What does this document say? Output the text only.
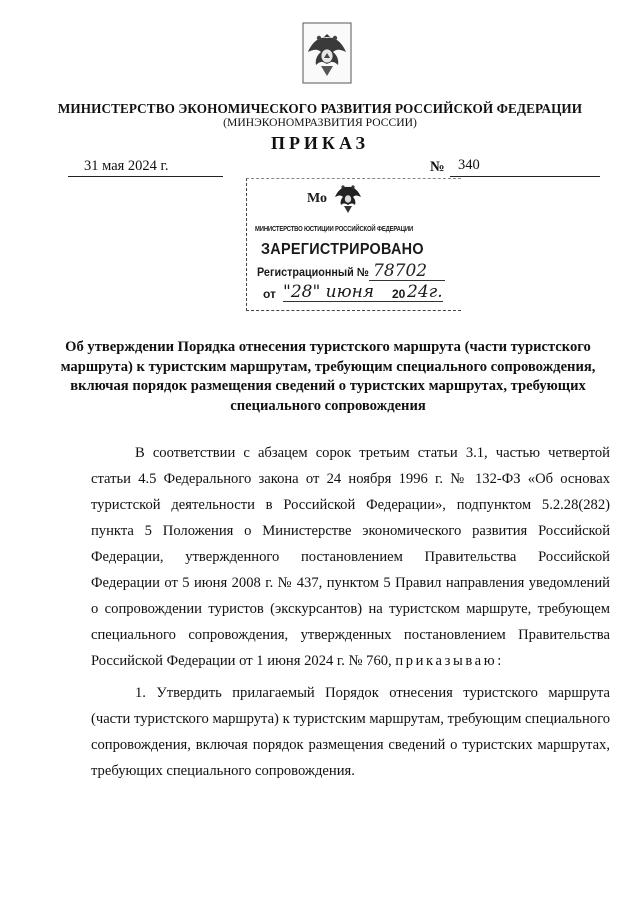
МИНИСТЕРСТВО ЭКОНОМИЧЕСКОГО РАЗВИТИЯ РОССИЙСКОЙ ФЕДЕРАЦИИ
(МИНЭКОНОМРАЗВИТИЯ РОССИИ)
ПРИКАЗ
31 мая 2024 г.	№ 340
Мо
МИНИСТЕРСТВО ЮСТИЦИИ РОССИЙСКОЙ ФЕДЕРАЦИИ
ЗАРЕГИСТРИРОВАНО
Регистрационный № 78702
от "28" июня 20 24г.
Об утверждении Порядка отнесения туристского маршрута (части туристского маршрута) к туристским маршрутам, требующим специального сопровождения, включая порядок размещения сведений о туристских маршрутах, требующих специального сопровождения

В соответствии с абзацем сорок третьим статьи 3.1, частью четвертой статьи 4.5 Федерального закона от 24 ноября 1996 г. № 132-ФЗ «Об основах туристской деятельности в Российской Федерации», подпунктом 5.2.28(282) пункта 5 Положения о Министерстве экономического развития Российской Федерации, утвержденного постановлением Правительства Российской Федерации от 5 июня 2008 г. № 437, пунктом 5 Правил направления уведомлений о сопровождении туристов (экскурсантов) на туристском маршруте, требующем специального сопровождения, утвержденных постановлением Правительства Российской Федерации от 1 июня 2024 г. № 760, приказываю:

1. Утвердить прилагаемый Порядок отнесения туристского маршрута (части туристского маршрута) к туристским маршрутам, требующим специального сопровождения, включая порядок размещения сведений о туристских маршрутах, требующих специального сопровождения.
